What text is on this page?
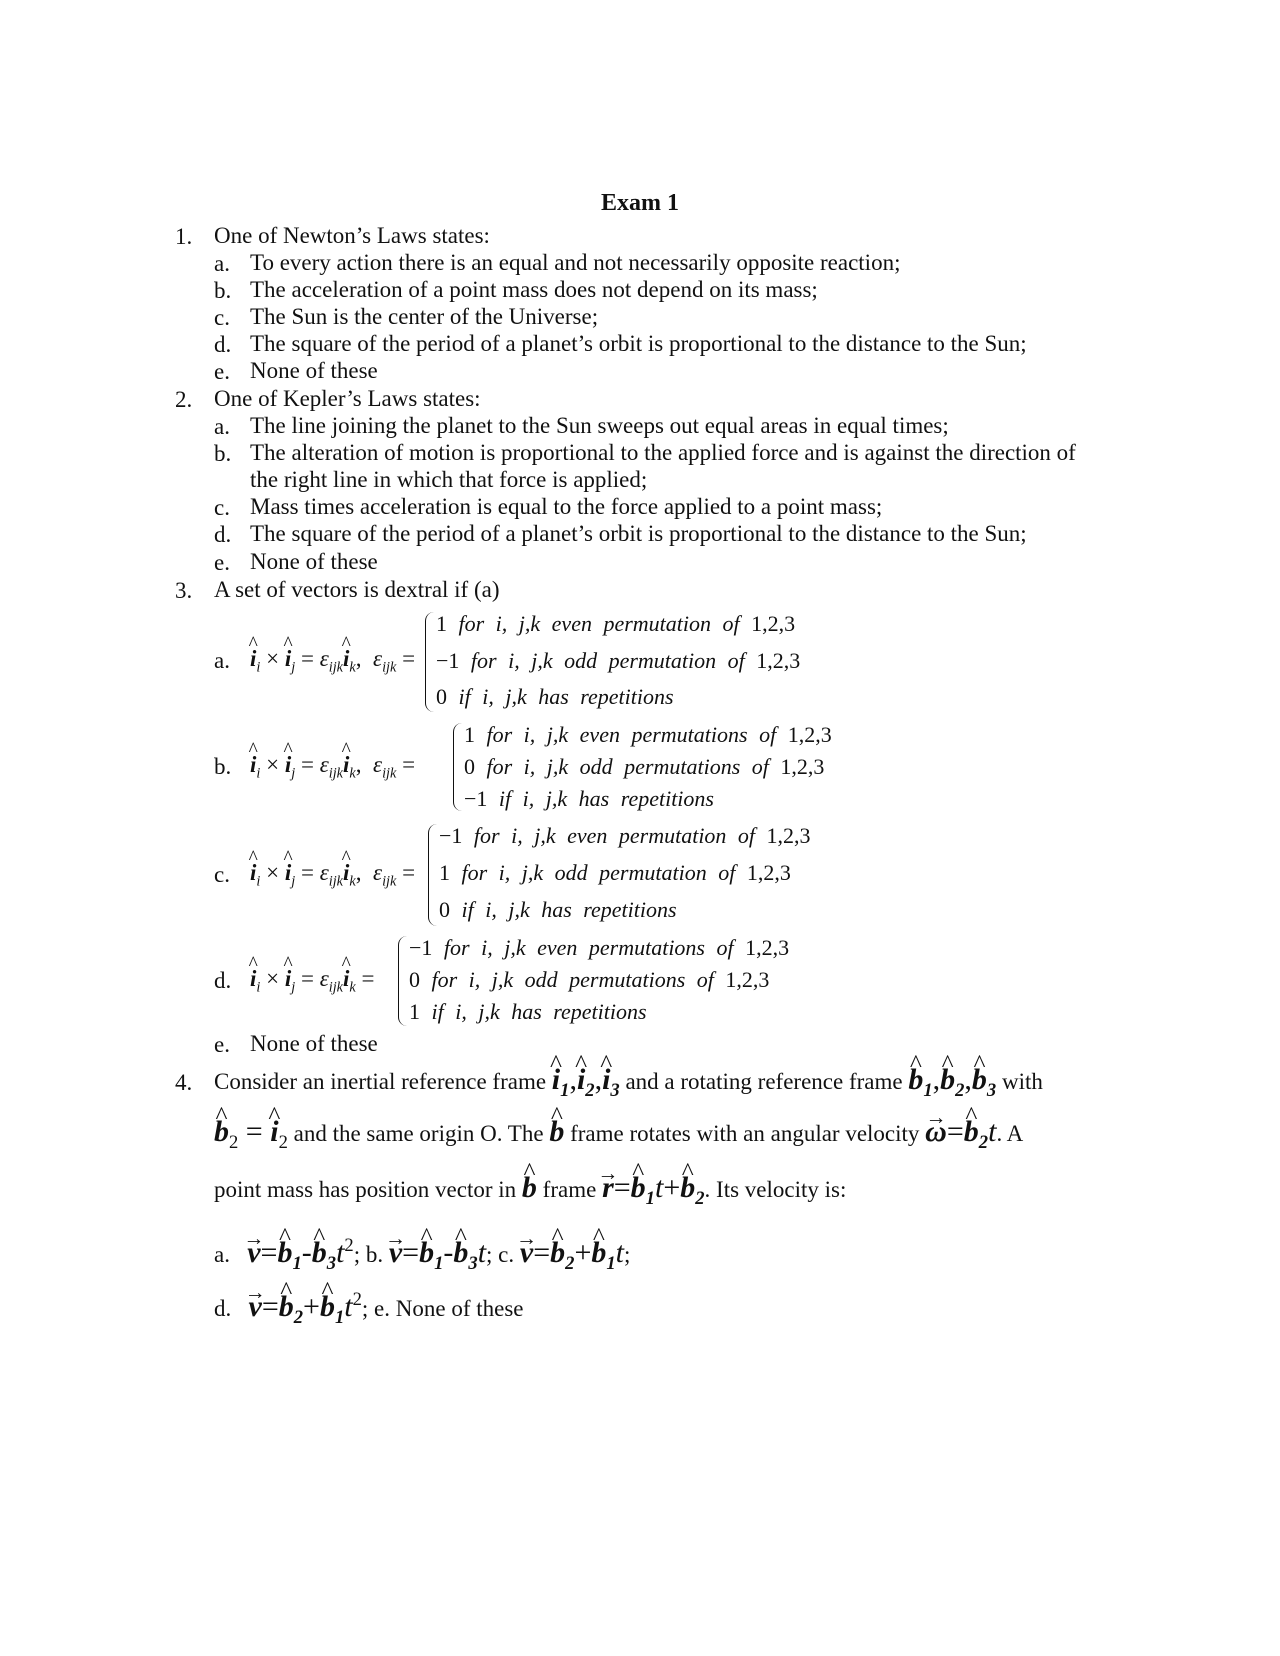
Exam 1
1. One of Newton’s Laws states:
a. To every action there is an equal and not necessarily opposite reaction;
b. The acceleration of a point mass does not depend on its mass;
c. The Sun is the center of the Universe;
d. The square of the period of a planet’s orbit is proportional to the distance to the Sun;
e. None of these
2. One of Kepler’s Laws states:
a. The line joining the planet to the Sun sweeps out equal areas in equal times;
b. The alteration of motion is proportional to the applied force and is against the direction of
the right line in which that force is applied;
c. Mass times acceleration is equal to the force applied to a point mass;
d. The square of the period of a planet’s orbit is proportional to the distance to the Sun;
e. None of these
3. A set of vectors is dextral if (a)
a. ^ $i_i$ × ^ $i_j$ = $\varepsilon_{ijk}\^{}$ $i_k$,  $\varepsilon_{ijk}$ =
1 for i, j,k even permutation of 1,2,3
−1 for i, j,k odd permutation of 1,2,3
0 if i, j,k has repetitions
b. ^ $i_i$ × ^ $i_j$ = $\varepsilon_{ijk}\^{}$ $i_k$,  $\varepsilon_{ijk}$ =
1 for i, j,k even permutations of 1,2,3
0 for i, j,k odd permutations of 1,2,3
−1 if i, j,k has repetitions
c. ^ $i_i$ × ^ $i_j$ = $\varepsilon_{ijk}\^{}$ $i_k$,  $\varepsilon_{ijk}$ =
−1 for i, j,k even permutation of 1,2,3
1 for i, j,k odd permutation of 1,2,3
0 if i, j,k has repetitions
d. ^ $i_i$ × ^ $i_j$ = $\varepsilon_{ijk}\^{}$ $i_k$ =
−1 for i, j,k even permutations of 1,2,3
0 for i, j,k odd permutations of 1,2,3
1 if i, j,k has repetitions
e. None of these
4. Consider an inertial reference frame ^ $i_1,\^{}$ $i_2,\^{}$ $i_3$ and a rotating reference frame ^ $b_1,\^{}$ $b_2,\^{}$ $b_3$ with
^ $b_2$ = ^ $i_2$ and the same origin O. The ^ b frame rotates with an angular velocity → ω=^ $b_2t$. A
point mass has position vector in ^ b frame → r=^ $b_1t+\^{}$ $b_2$. Its velocity is:
a. → v=^ $b_1-\^{}$ $b_3t^2$; b. → v=^ $b_1-\^{}$ $b_3t$; c. → v=^ $b_2+\^{}$ $b_1t$;
d. → v=^ $b_2+\^{}$ $b_1t^2$; e. None of these
